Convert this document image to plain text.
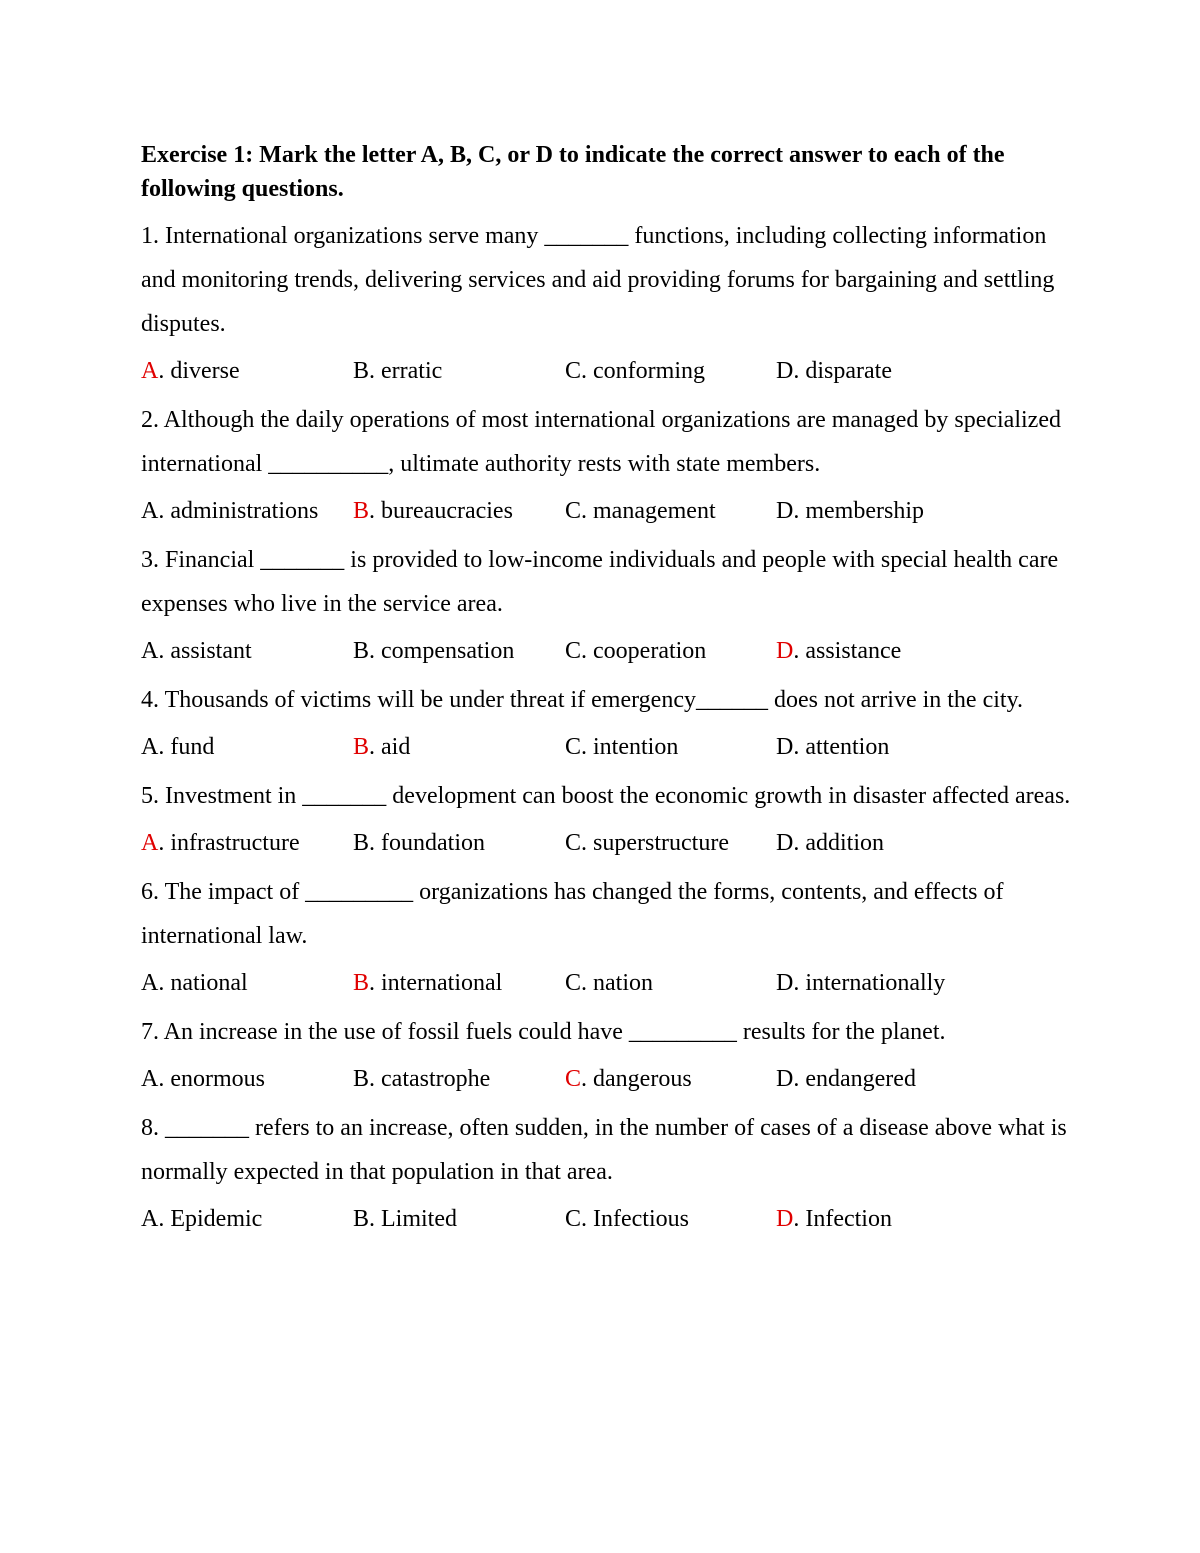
Exercise 1: Mark the letter A, B, C, or D to indicate the correct answer to each of the following questions.

1. International organizations serve many _______ functions, including collecting information and monitoring trends, delivering services and aid providing forums for bargaining and settling disputes.

A. diverse	B. erratic	C. conforming	D. disparate

2. Although the daily operations of most international organizations are managed by specialized international __________, ultimate authority rests with state members.

A. administrations B. bureaucracies C. management	D. membership

3. Financial _______ is provided to low-income individuals and people with special health care expenses who live in the service area.

A. assistant	B. compensation C. cooperation	D. assistance

4. Thousands of victims will be under threat if emergency______ does not arrive in the city.

A. fund	B. aid	C. intention	D. attention

5. Investment in _______ development can boost the economic growth in disaster affected areas.

A. infrastructure B. foundation	C. superstructure D. addition

6. The impact of _________ organizations has changed the forms, contents, and effects of international law.

A. national	B. international	C. nation	D. internationally

7. An increase in the use of fossil fuels could have _________ results for the planet.

A. enormous	B. catastrophe	C. dangerous	D. endangered

8. _______ refers to an increase, often sudden, in the number of cases of a disease above what is normally expected in that population in that area.

A. Epidemic	B. Limited	C. Infectious	D. Infection
